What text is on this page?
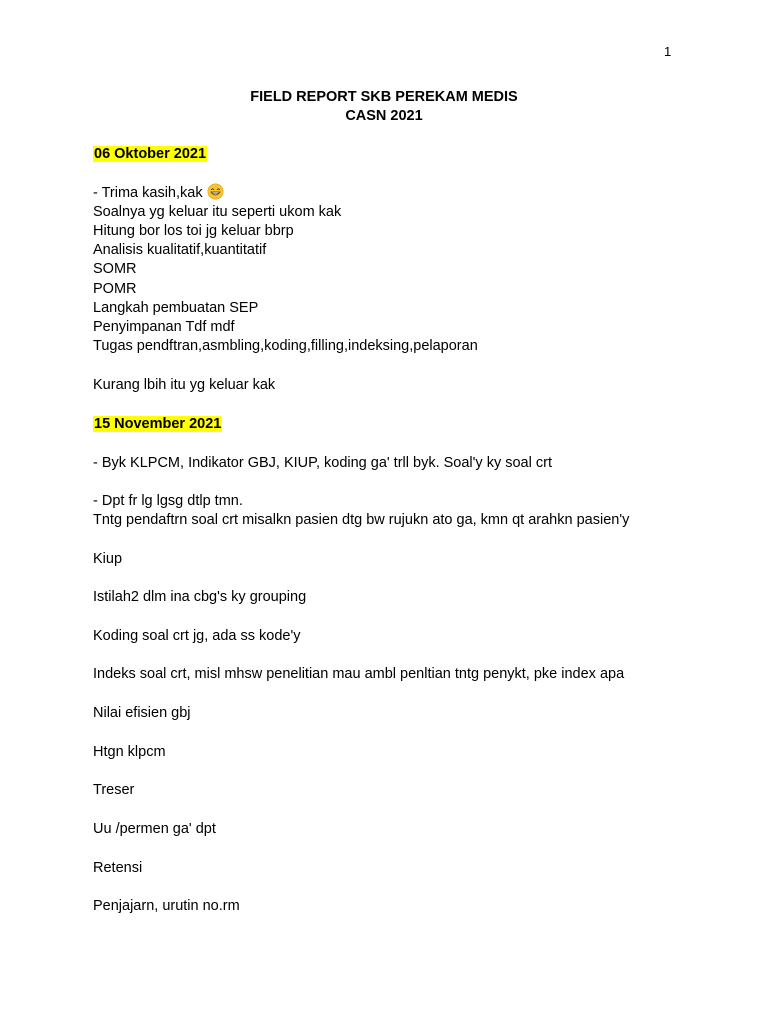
1
FIELD REPORT SKB PEREKAM MEDIS
CASN 2021
06 Oktober 2021
- Trima kasih,kak
Soalnya yg keluar itu seperti ukom kak
Hitung bor los toi jg keluar bbrp
Analisis kualitatif,kuantitatif
SOMR
POMR
Langkah pembuatan SEP
Penyimpanan Tdf mdf
Tugas pendftran,asmbling,koding,filling,indeksing,pelaporan
Kurang lbih itu yg keluar kak
15 November 2021
- Byk KLPCM, Indikator GBJ, KIUP, koding ga' trll byk. Soal'y ky soal crt
- Dpt fr lg lgsg dtlp tmn.
Tntg pendaftrn soal crt misalkn pasien dtg bw rujukn ato ga, kmn qt arahkn pasien'y
Kiup
Istilah2 dlm ina cbg's ky grouping
Koding soal crt jg, ada ss kode'y
Indeks soal crt, misl mhsw penelitian mau ambl penltian tntg penykt, pke index apa
Nilai efisien gbj
Htgn klpcm
Treser
Uu /permen ga' dpt
Retensi
Penjajarn, urutin no.rm
